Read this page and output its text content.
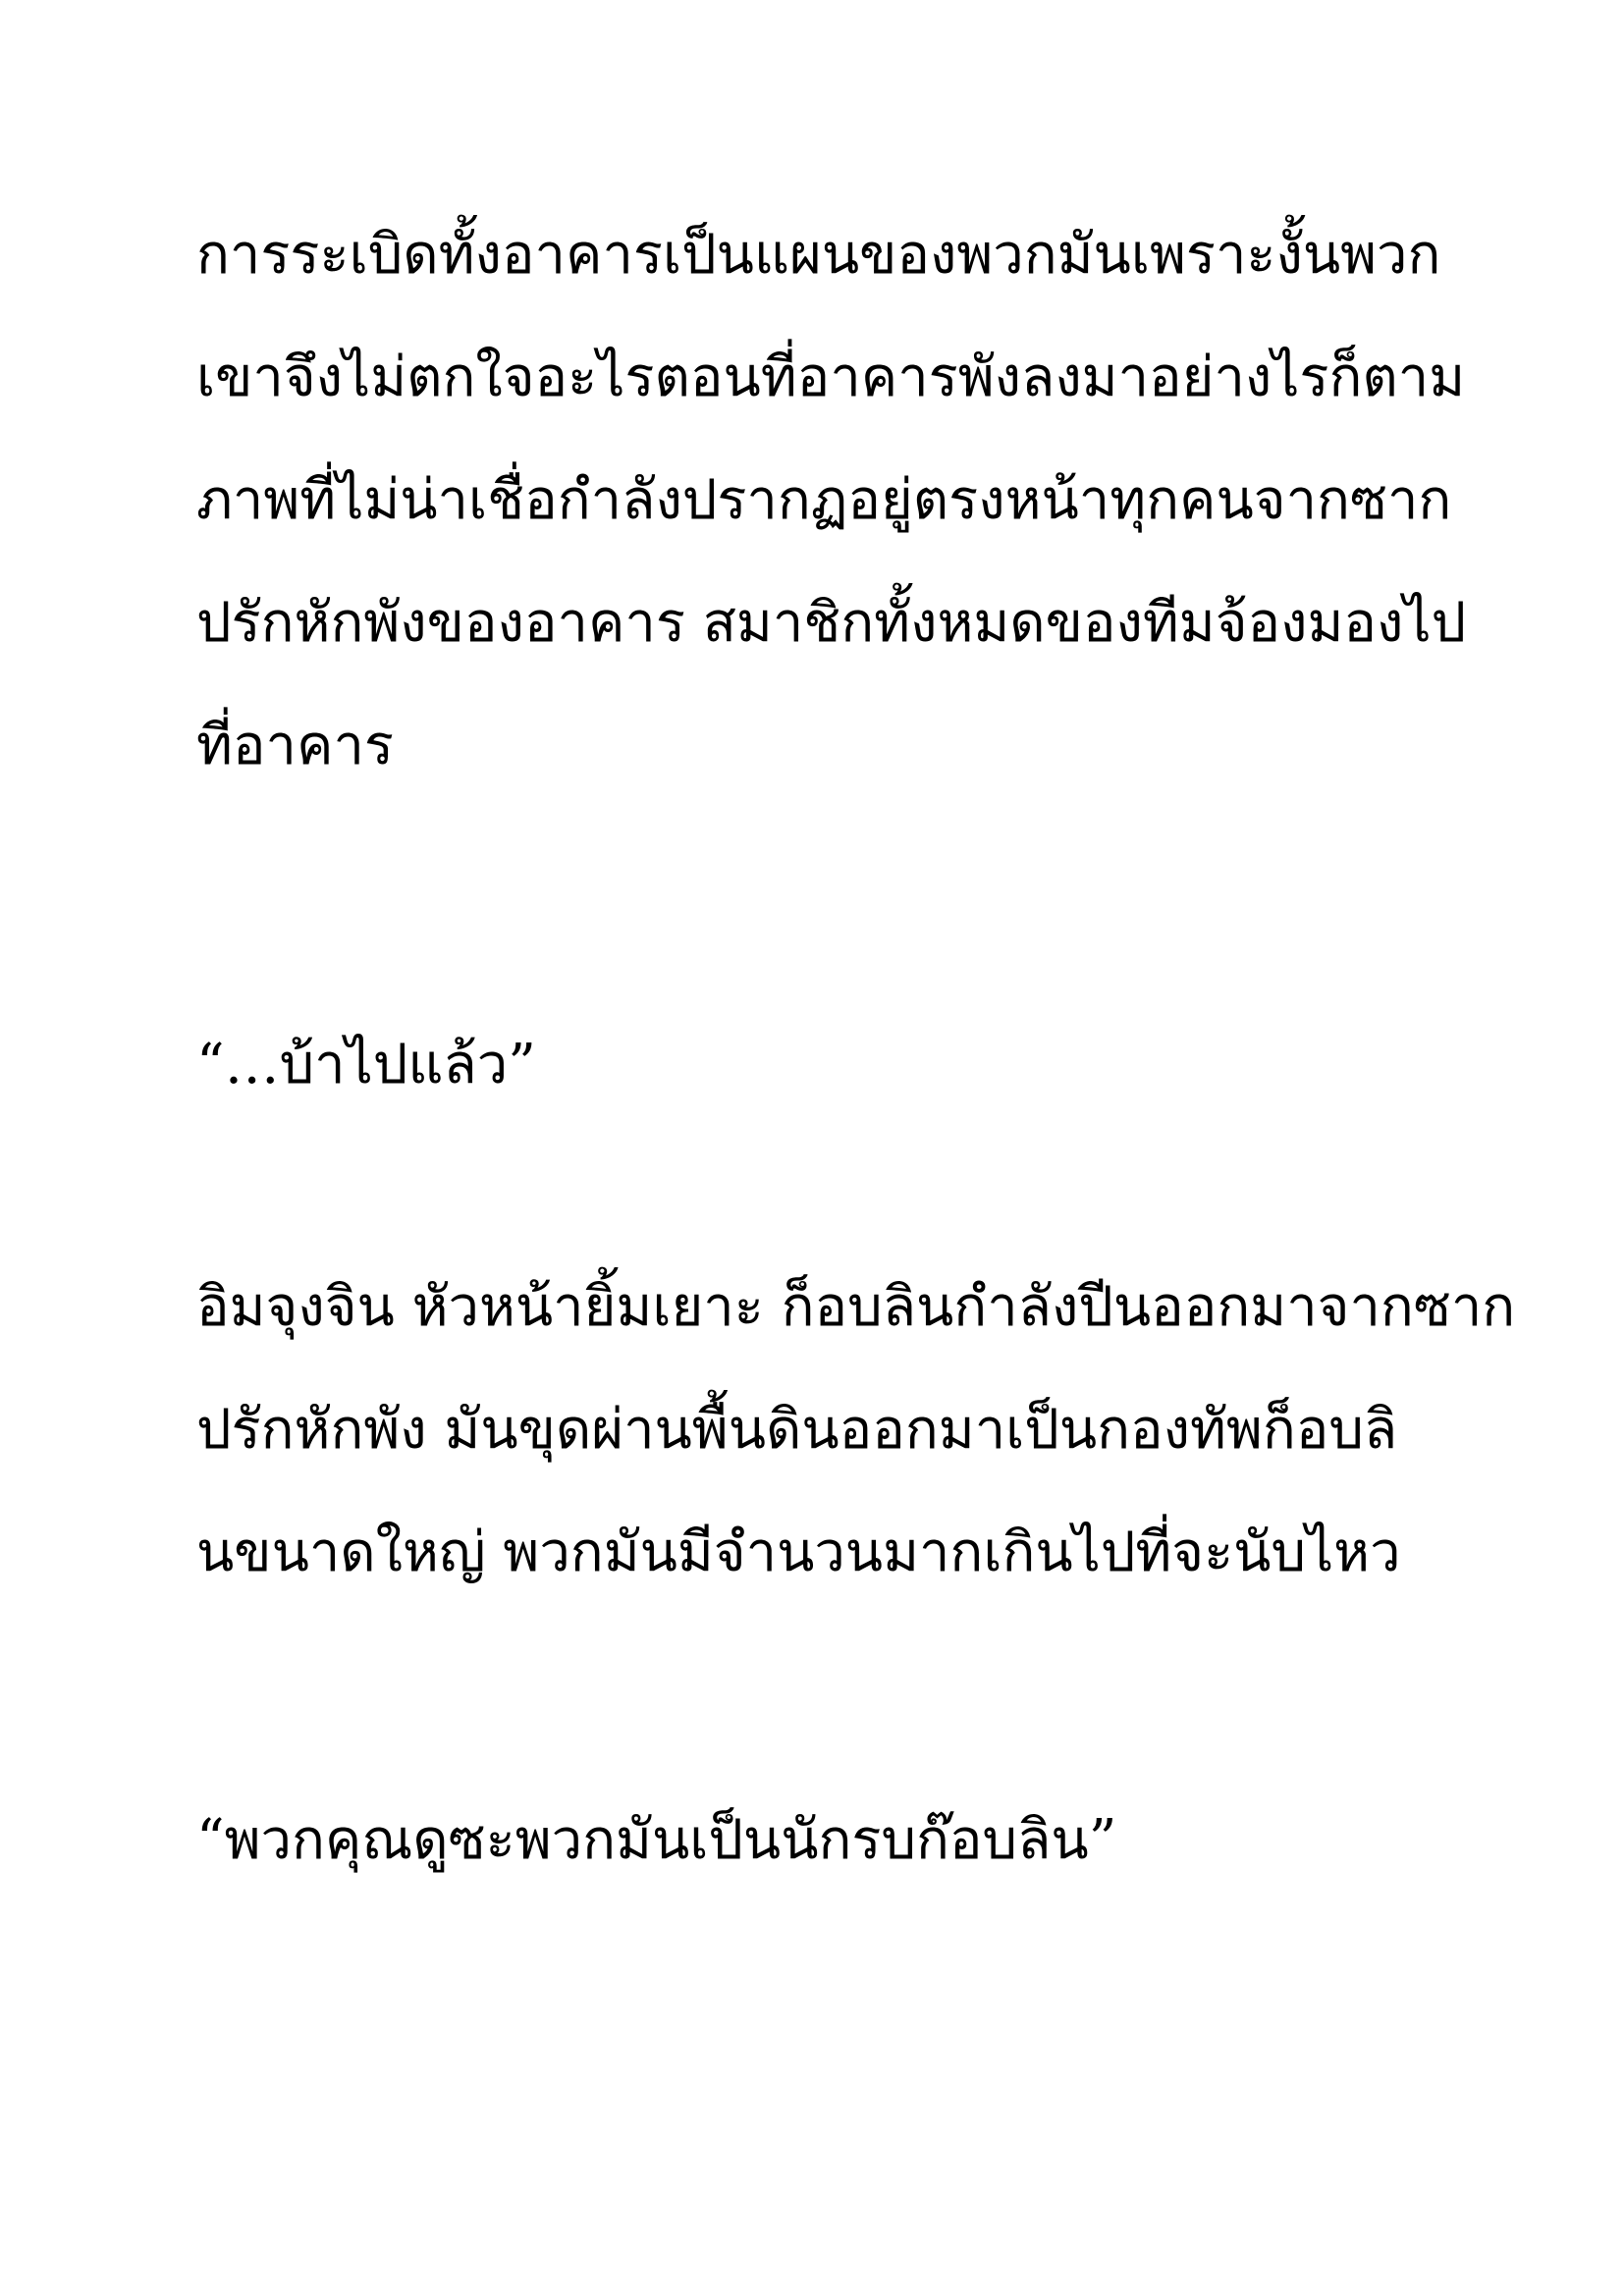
การระเบิดทั้งอาคารเป็นแผนของพวกมันเพราะงั้นพวก

เขาจึงไม่ตกใจอะไรตอนที่อาคารพังลงมาอย่างไรก็ตาม

ภาพที่ไม่น่าเชื่อกำลังปรากฏอยู่ตรงหน้าทุกคนจากซาก

ปรักหักพังของอาคาร สมาชิกทั้งหมดของทีมจ้องมองไป

ที่อาคาร

“…บ้าไปแล้ว”

อิมจุงจิน หัวหน้ายิ้มเยาะ ก็อบลินกำลังปีนออกมาจากซาก

ปรักหักพัง มันขุดผ่านพื้นดินออกมาเป็นกองทัพก็อบลิ

นขนาดใหญ่ พวกมันมีจำนวนมากเกินไปที่จะนับไหว

“พวกคุณดูซะพวกมันเป็นนักรบก๊อบลิน”
